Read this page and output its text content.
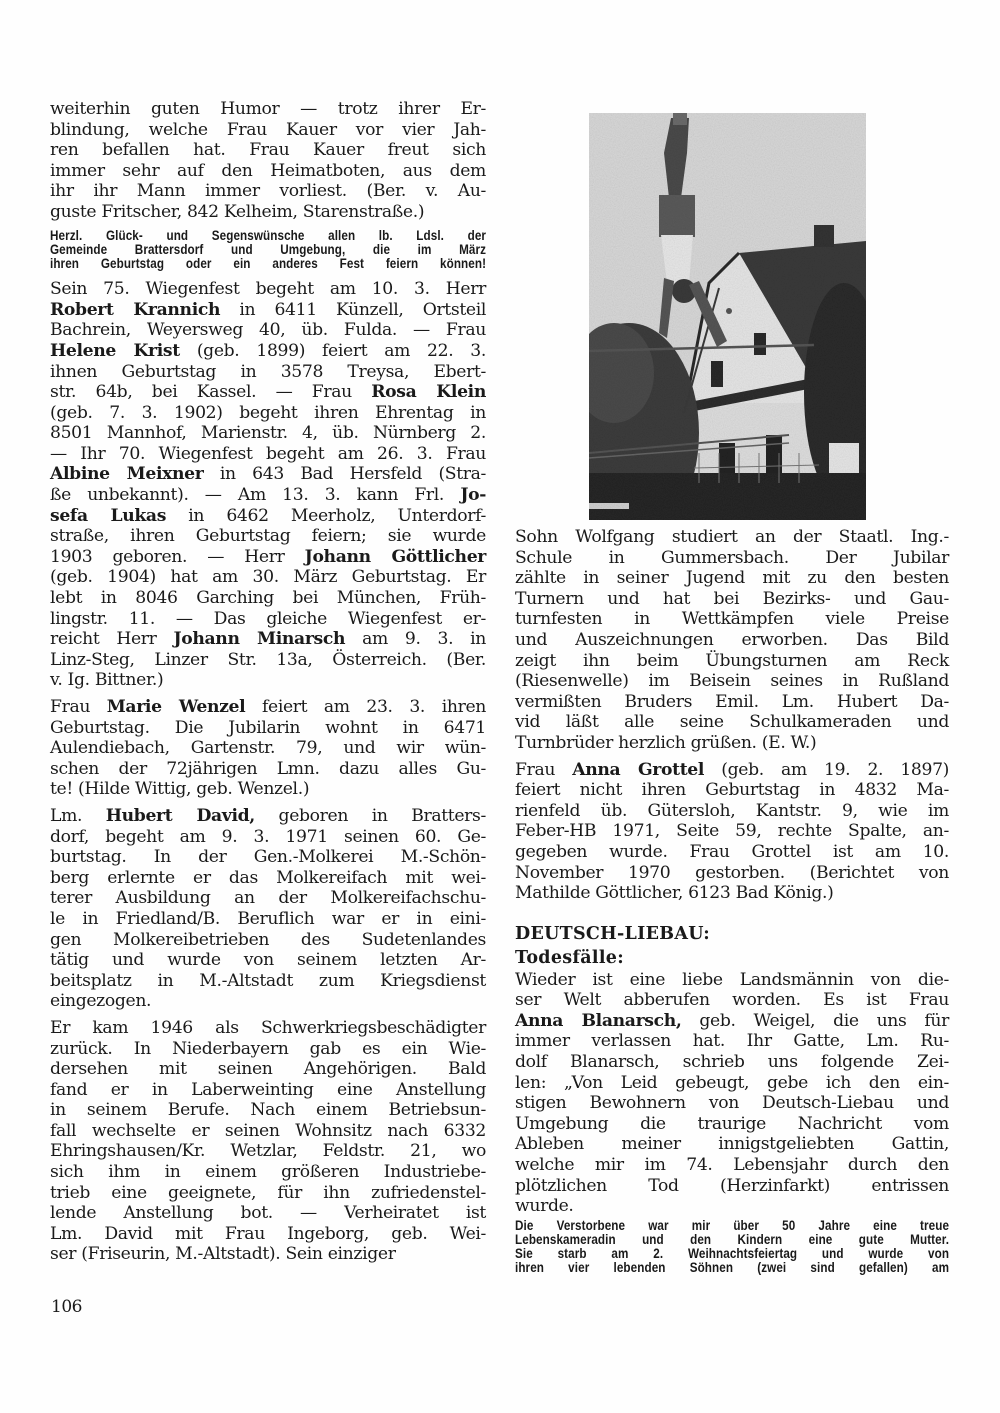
weiterhin guten Humor — trotz ihrer Er-
blindung, welche Frau Kauer vor vier Jah-
ren befallen hat. Frau Kauer freut sich
immer sehr auf den Heimatboten, aus dem
ihr ihr Mann immer vorliest. (Ber. v. Au-
guste Fritscher, 842 Kelheim, Starenstraße.)
Herzl. Glück- und Segenswünsche allen lb. Ldsl. der
Gemeinde Brattersdorf und Umgebung, die im März
ihren Geburtstag oder ein anderes Fest feiern können!
Sein 75. Wiegenfest begeht am 10. 3. Herr
Robert Krannich in 6411 Künzell, Ortsteil
Bachrein, Weyersweg 40, üb. Fulda. — Frau
Helene Krist (geb. 1899) feiert am 22. 3.
ihnen Geburtstag in 3578 Treysa, Ebert-
str. 64b, bei Kassel. — Frau Rosa Klein
(geb. 7. 3. 1902) begeht ihren Ehrentag in
8501 Mannhof, Marienstr. 4, üb. Nürnberg 2.
— Ihr 70. Wiegenfest begeht am 26. 3. Frau
Albine Meixner in 643 Bad Hersfeld (Stra-
ße unbekannt). — Am 13. 3. kann Frl. Jo-
sefa Lukas in 6462 Meerholz, Unterdorf-
straße, ihren Geburtstag feiern; sie wurde
1903 geboren. — Herr Johann Göttlicher
(geb. 1904) hat am 30. März Geburtstag. Er
lebt in 8046 Garching bei München, Früh-
lingstr. 11. — Das gleiche Wiegenfest er-
reicht Herr Johann Minarsch am 9. 3. in
Linz-Steg, Linzer Str. 13a, Österreich. (Ber.
v. Ig. Bittner.)
Frau Marie Wenzel feiert am 23. 3. ihren
Geburtstag. Die Jubilarin wohnt in 6471
Aulendiebach, Gartenstr. 79, und wir wün-
schen der 72jährigen Lmn. dazu alles Gu-
te! (Hilde Wittig, geb. Wenzel.)
Lm. Hubert David, geboren in Bratters-
dorf, begeht am 9. 3. 1971 seinen 60. Ge-
burtstag. In der Gen.-Molkerei M.-Schön-
berg erlernte er das Molkereifach mit wei-
terer Ausbildung an der Molkereifachschu-
le in Friedland/B. Beruflich war er in eini-
gen Molkereibetrieben des Sudetenlandes
tätig und wurde von seinem letzten Ar-
beitsplatz in M.-Altstadt zum Kriegsdienst
eingezogen.
Er kam 1946 als Schwerkriegsbeschädigter
zurück. In Niederbayern gab es ein Wie-
dersehen mit seinen Angehörigen. Bald
fand er in Laberweinting eine Anstellung
in seinem Berufe. Nach einem Betriebsun-
fall wechselte er seinen Wohnsitz nach 6332
Ehringshausen/Kr. Wetzlar, Feldstr. 21, wo
sich ihm in einem größeren Industriebe-
trieb eine geeignete, für ihn zufriedenstel-
lende Anstellung bot. — Verheiratet ist
Lm. David mit Frau Ingeborg, geb. Wei-
ser (Friseurin, M.-Altstadt). Sein einziger
Sohn Wolfgang studiert an der Staatl. Ing.-
Schule in Gummersbach. Der Jubilar
zählte in seiner Jugend mit zu den besten
Turnern und hat bei Bezirks- und Gau-
turnfesten in Wettkämpfen viele Preise
und Auszeichnungen erworben. Das Bild
zeigt ihn beim Übungsturnen am Reck
(Riesenwelle) im Beisein seines in Rußland
vermißten Bruders Emil. Lm. Hubert Da-
vid läßt alle seine Schulkameraden und
Turnbrüder herzlich grüßen. (E. W.)
Frau Anna Grottel (geb. am 19. 2. 1897)
feiert nicht ihren Geburtstag in 4832 Ma-
rienfeld üb. Gütersloh, Kantstr. 9, wie im
Feber-HB 1971, Seite 59, rechte Spalte, an-
gegeben wurde. Frau Grottel ist am 10.
November 1970 gestorben. (Berichtet von
Mathilde Göttlicher, 6123 Bad König.)
DEUTSCH-LIEBAU:
Todesfälle:
Wieder ist eine liebe Landsmännin von die-
ser Welt abberufen worden. Es ist Frau
Anna Blanarsch, geb. Weigel, die uns für
immer verlassen hat. Ihr Gatte, Lm. Ru-
dolf Blanarsch, schrieb uns folgende Zei-
len: „Von Leid gebeugt, gebe ich den ein-
stigen Bewohnern von Deutsch-Liebau und
Umgebung die traurige Nachricht vom
Ableben meiner innigstgeliebten Gattin,
welche mir im 74. Lebensjahr durch den
plötzlichen Tod (Herzinfarkt) entrissen
wurde.
Die Verstorbene war mir über 50 Jahre eine treue
Lebenskameradin und den Kindern eine gute Mutter.
Sie starb am 2. Weihnachtsfeiertag und wurde von
ihren vier lebenden Söhnen (zwei sind gefallen) am
106
